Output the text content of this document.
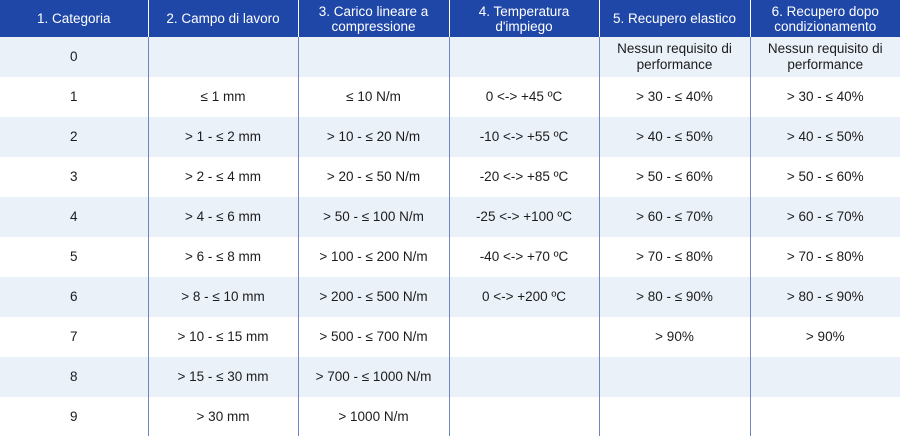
1. Categoria	2. Campo di lavoro	3. Carico lineare a compressione	4. Temperatura d'impiego	5. Recupero elastico	6. Recupero dopo condizionamento
0				Nessun requisito di performance	Nessun requisito di performance
1	≤ 1 mm	≤ 10 N/m	0 <-> +45 ºC	> 30 - ≤ 40%	> 30 - ≤ 40%
2	> 1 - ≤ 2 mm	> 10 - ≤ 20 N/m	-10 <-> +55 ºC	> 40 - ≤ 50%	> 40 - ≤ 50%
3	> 2 - ≤ 4 mm	> 20 - ≤ 50 N/m	-20 <-> +85 ºC	> 50 - ≤ 60%	> 50 - ≤ 60%
4	> 4 - ≤ 6 mm	> 50 - ≤ 100 N/m	-25 <-> +100 ºC	> 60 - ≤ 70%	> 60 - ≤ 70%
5	> 6 - ≤ 8 mm	> 100 - ≤ 200 N/m	-40 <-> +70 ºC	> 70 - ≤ 80%	> 70 - ≤ 80%
6	> 8 - ≤ 10 mm	> 200 - ≤ 500 N/m	0 <-> +200 ºC	> 80 - ≤ 90%	> 80 - ≤ 90%
7	> 10 - ≤ 15 mm	> 500 - ≤ 700 N/m		> 90%	> 90%
8	> 15 - ≤ 30 mm	> 700 - ≤ 1000 N/m			
9	> 30 mm	> 1000 N/m			
